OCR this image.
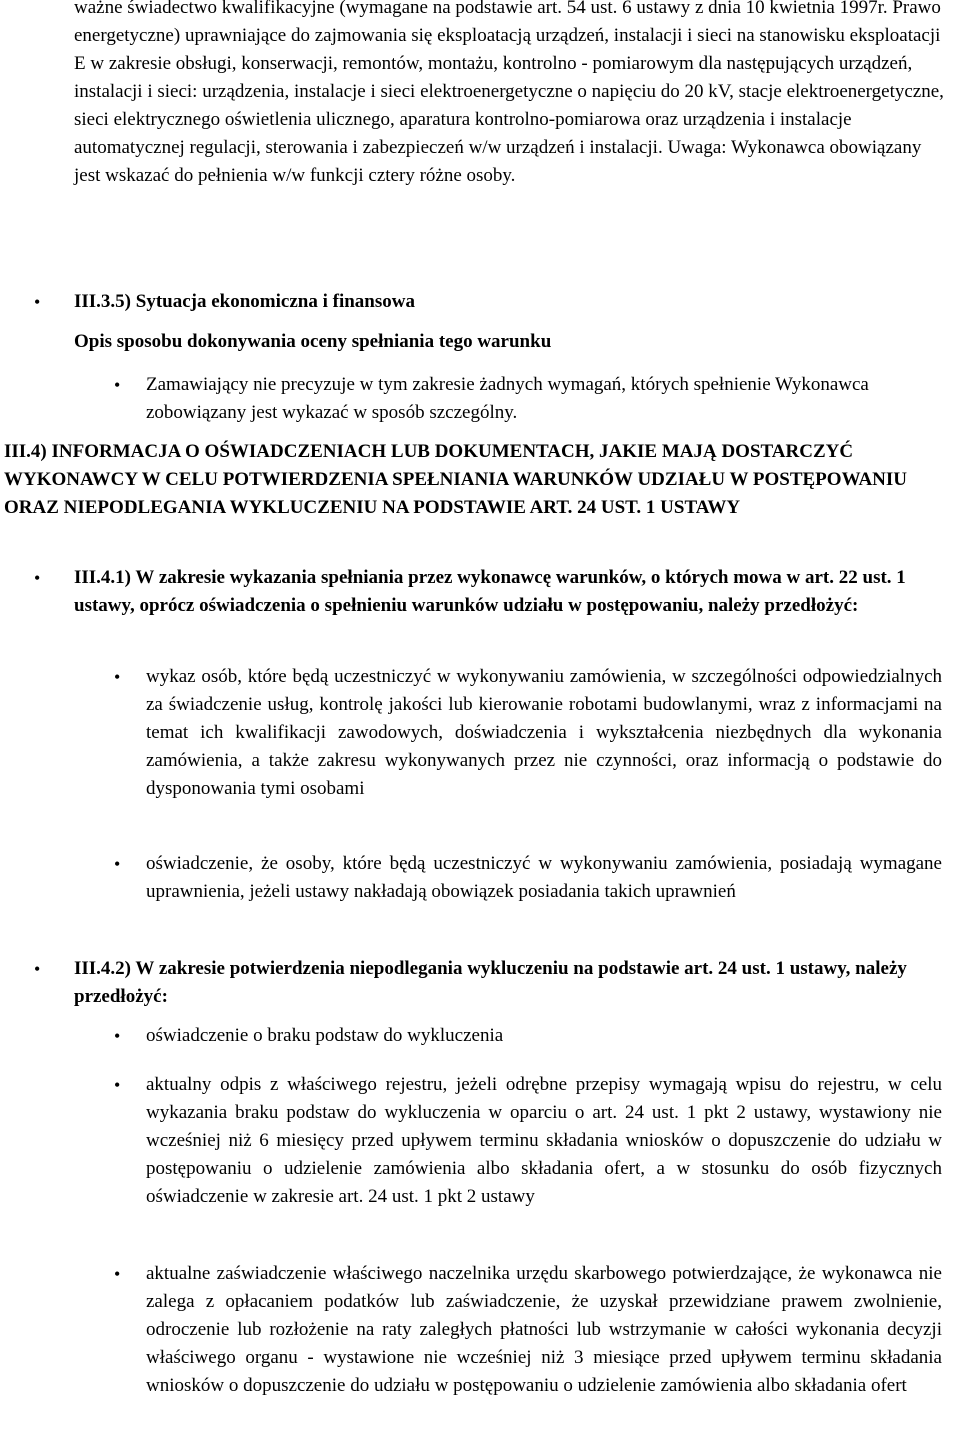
ważne świadectwo kwalifikacyjne (wymagane na podstawie art. 54 ust. 6 ustawy z dnia 10 kwietnia 1997r. Prawo energetyczne) uprawniające do zajmowania się eksploatacją urządzeń, instalacji i sieci na stanowisku eksploatacji E w zakresie obsługi, konserwacji, remontów, montażu, kontrolno - pomiarowym dla następujących urządzeń, instalacji i sieci: urządzenia, instalacje i sieci elektroenergetyczne o napięciu do 20 kV, stacje elektroenergetyczne, sieci elektrycznego oświetlenia ulicznego, aparatura kontrolno-pomiarowa oraz urządzenia i instalacje automatycznej regulacji, sterowania i zabezpieczeń w/w urządzeń i instalacji. Uwaga: Wykonawca obowiązany jest wskazać do pełnienia w/w funkcji cztery różne osoby.

• III.3.5) Sytuacja ekonomiczna i finansowa

Opis sposobu dokonywania oceny spełniania tego warunku

• Zamawiający nie precyzuje w tym zakresie żadnych wymagań, których spełnienie Wykonawca zobowiązany jest wykazać w sposób szczególny.

III.4) INFORMACJA O OŚWIADCZENIACH LUB DOKUMENTACH, JAKIE MAJĄ DOSTARCZYĆ WYKONAWCY W CELU POTWIERDZENIA SPEŁNIANIA WARUNKÓW UDZIAŁU W POSTĘPOWANIU ORAZ NIEPODLEGANIA WYKLUCZENIU NA PODSTAWIE ART. 24 UST. 1 USTAWY

• III.4.1) W zakresie wykazania spełniania przez wykonawcę warunków, o których mowa w art. 22 ust. 1 ustawy, oprócz oświadczenia o spełnieniu warunków udziału w postępowaniu, należy przedłożyć:

• wykaz osób, które będą uczestniczyć w wykonywaniu zamówienia, w szczególności odpowiedzialnych za świadczenie usług, kontrolę jakości lub kierowanie robotami budowlanymi, wraz z informacjami na temat ich kwalifikacji zawodowych, doświadczenia i wykształcenia niezbędnych dla wykonania zamówienia, a także zakresu wykonywanych przez nie czynności, oraz informacją o podstawie do dysponowania tymi osobami

• oświadczenie, że osoby, które będą uczestniczyć w wykonywaniu zamówienia, posiadają wymagane uprawnienia, jeżeli ustawy nakładają obowiązek posiadania takich uprawnień

• III.4.2) W zakresie potwierdzenia niepodlegania wykluczeniu na podstawie art. 24 ust. 1 ustawy, należy przedłożyć:

• oświadczenie o braku podstaw do wykluczenia

• aktualny odpis z właściwego rejestru, jeżeli odrębne przepisy wymagają wpisu do rejestru, w celu wykazania braku podstaw do wykluczenia w oparciu o art. 24 ust. 1 pkt 2 ustawy, wystawiony nie wcześniej niż 6 miesięcy przed upływem terminu składania wniosków o dopuszczenie do udziału w postępowaniu o udzielenie zamówienia albo składania ofert, a w stosunku do osób fizycznych oświadczenie w zakresie art. 24 ust. 1 pkt 2 ustawy

• aktualne zaświadczenie właściwego naczelnika urzędu skarbowego potwierdzające, że wykonawca nie zalega z opłacaniem podatków lub zaświadczenie, że uzyskał przewidziane prawem zwolnienie, odroczenie lub rozłożenie na raty zaległych płatności lub wstrzymanie w całości wykonania decyzji właściwego organu - wystawione nie wcześniej niż 3 miesiące przed upływem terminu składania wniosków o dopuszczenie do udziału w postępowaniu o udzielenie zamówienia albo składania ofert
